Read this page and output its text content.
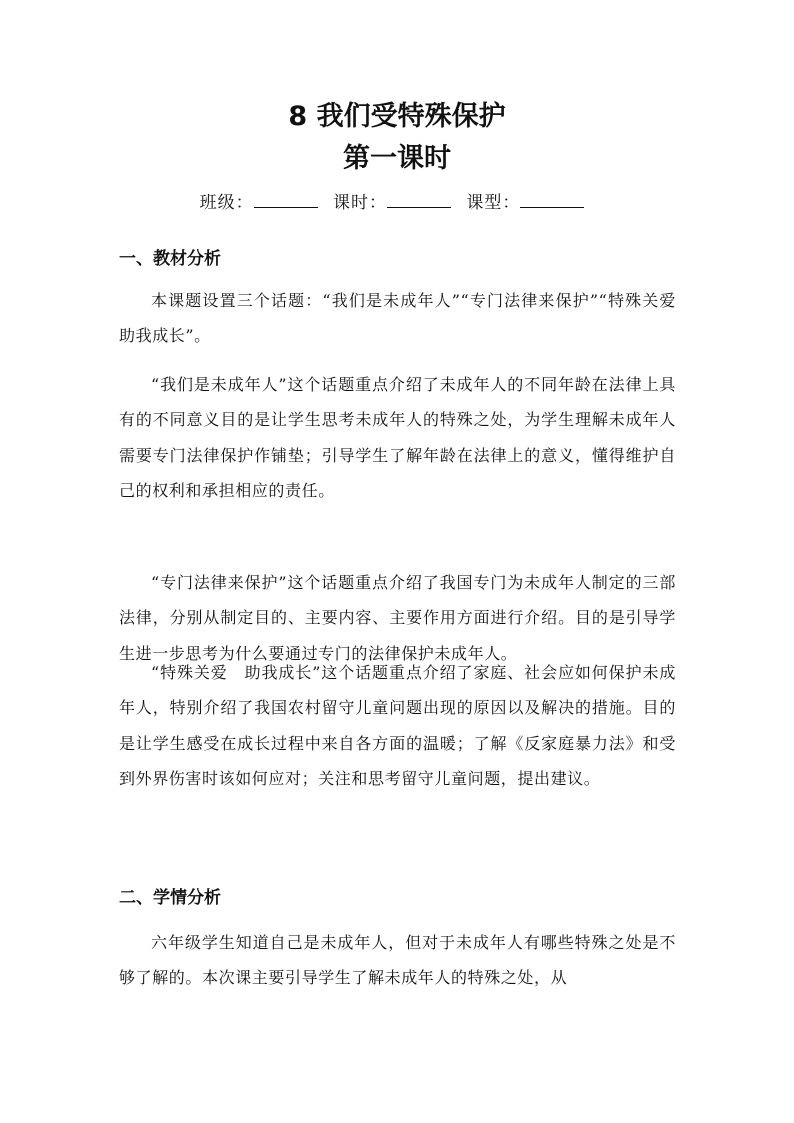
8 我们受特殊保护
第一课时
班级：	课时：	课型：
一、教材分析

本课题设置三个话题：“我们是未成年人”“专门法律来保护”“特殊关爱　助我成长”。

“我们是未成年人”这个话题重点介绍了未成年人的不同年龄在法律上具有的不同意义目的是让学生思考未成年人的特殊之处，为学生理解未成年人需要专门法律保护作铺垫；引导学生了解年龄在法律上的意义，懂得维护自己的权利和承担相应的责任。

“专门法律来保护”这个话题重点介绍了我国专门为未成年人制定的三部法律，分别从制定目的、主要内容、主要作用方面进行介绍。目的是引导学生进一步思考为什么要通过专门的法律保护未成年人。

“特殊关爱　助我成长”这个话题重点介绍了家庭、社会应如何保护未成年人，特别介绍了我国农村留守儿童问题出现的原因以及解决的措施。目的是让学生感受在成长过程中来自各方面的温暖；了解《反家庭暴力法》和受到外界伤害时该如何应对；关注和思考留守儿童问题，提出建议。

二、学情分析

六年级学生知道自己是未成年人，但对于未成年人有哪些特殊之处是不够了解的。本次课主要引导学生了解未成年人的特殊之处，从
